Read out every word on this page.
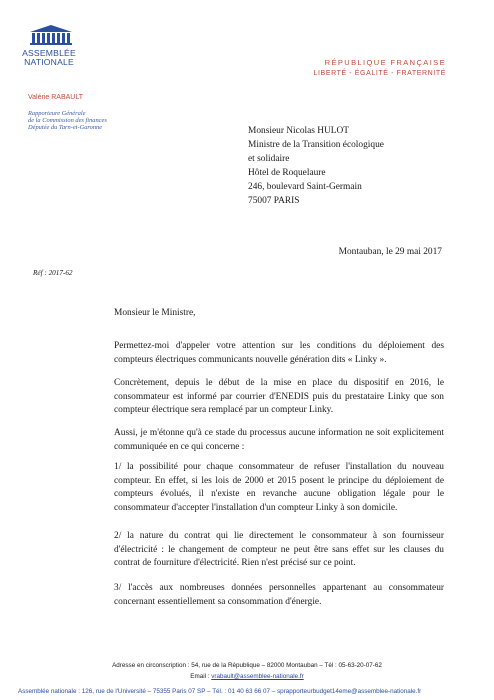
ASSEMBLÉE
NATIONALE	RÉPUBLIQUE FRANÇAISE
LIBERTÉ - ÉGALITÉ - FRATERNITÉ
Valérie RABAULT
Rapporteure Générale
de la Commission des finances
Députée du Tarn-et-Garonne	Monsieur Nicolas HULOT
Ministre de la Transition écologique
et solidaire
Hôtel de Roquelaure
246, boulevard Saint-Germain
75007 PARIS
Montauban, le 29 mai 2017
Réf : 2017-62
Monsieur le Ministre,

Permettez-moi d'appeler votre attention sur les conditions du déploiement des compteurs électriques communicants nouvelle génération dits « Linky ».

Concrètement, depuis le début de la mise en place du dispositif en 2016, le consommateur est informé par courrier d'ENEDIS puis du prestataire Linky que son compteur électrique sera remplacé par un compteur Linky.

Aussi, je m'étonne qu'à ce stade du processus aucune information ne soit explicitement communiquée en ce qui concerne :

1/ la possibilité pour chaque consommateur de refuser l'installation du nouveau compteur. En effet, si les lois de 2000 et 2015 posent le principe du déploiement de compteurs évolués, il n'existe en revanche aucune obligation légale pour le consommateur d'accepter l'installation d'un compteur Linky à son domicile.

2/ la nature du contrat qui lie directement le consommateur à son fournisseur d'électricité : le changement de compteur ne peut être sans effet sur les clauses du contrat de fourniture d'électricité. Rien n'est précisé sur ce point.

3/ l'accès aux nombreuses données personnelles appartenant au consommateur concernant essentiellement sa consommation d'énergie.

Adresse en circonscription : 54, rue de la République – 82000 Montauban – Tél : 05-63-20-07-62
Email : vrabault@assemblee-nationale.fr
Assemblée nationale : 126, rue de l'Université – 75355 Paris 07 SP – Tél. : 01 40 63 66 07 – sprapporteurbudget14eme@assemblee-nationale.fr
